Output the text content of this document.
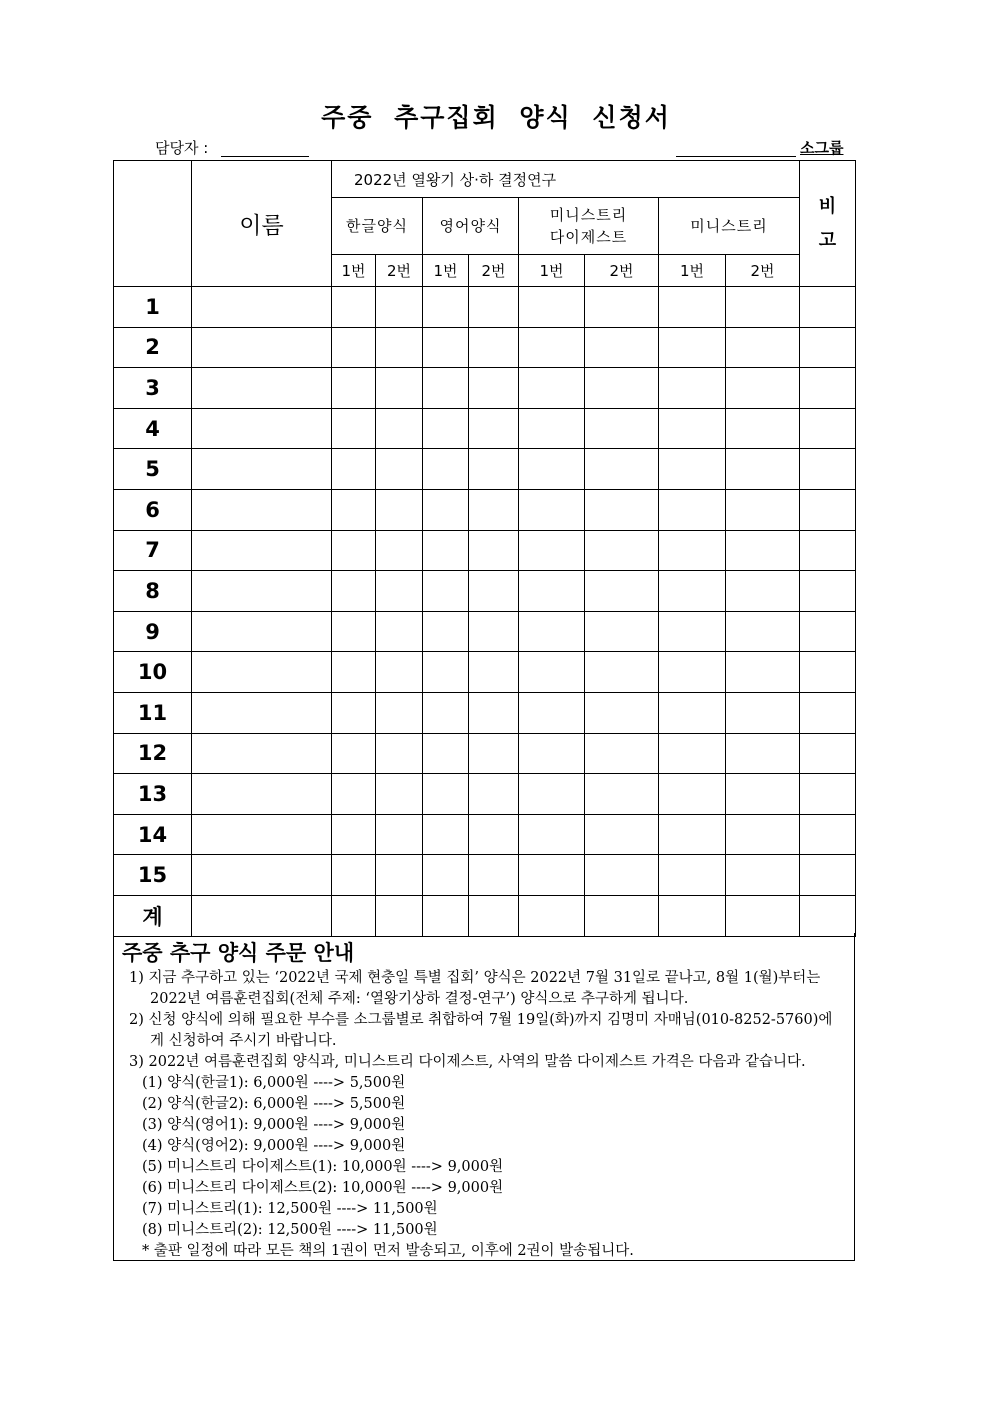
주중 추구집회 양식 신청서
담당자 :	소그룹
	이름	2022년 열왕기 상·하 결정연구								비
고
		한글양식		영어양식		미니스트리
다이제스트		미니스트리		
		1번	2번	1번	2번	1번	2번	1번	2번	
1										
2										
3										
4										
5										
6										
7										
8										
9										
10										
11										
12										
13										
14										
15										
계										
주중 추구 양식 주문 안내
1) 지금 추구하고 있는 ‘2022년 국제 현충일 특별 집회’ 양식은 2022년 7월 31일로 끝나고, 8월 1(월)부터는
2022년 여름훈련집회(전체 주제: ‘열왕기상하 결정-연구’) 양식으로 추구하게 됩니다.
2) 신청 양식에 의해 필요한 부수를 소그룹별로 취합하여 7월 19일(화)까지 김명미 자매님(010-8252-5760)에
게 신청하여 주시기 바랍니다.
3) 2022년 여름훈련집회 양식과, 미니스트리 다이제스트, 사역의 말씀 다이제스트 가격은 다음과 같습니다.
(1) 양식(한글1): 6,000원 ----> 5,500원
(2) 양식(한글2): 6,000원 ----> 5,500원
(3) 양식(영어1): 9,000원 ----> 9,000원
(4) 양식(영어2): 9,000원 ----> 9,000원
(5) 미니스트리 다이제스트(1): 10,000원 ----> 9,000원
(6) 미니스트리 다이제스트(2): 10,000원 ----> 9,000원
(7) 미니스트리(1): 12,500원 ----> 11,500원
(8) 미니스트리(2): 12,500원 ----> 11,500원
* 출판 일정에 따라 모든 책의 1권이 먼저 발송되고, 이후에 2권이 발송됩니다.
